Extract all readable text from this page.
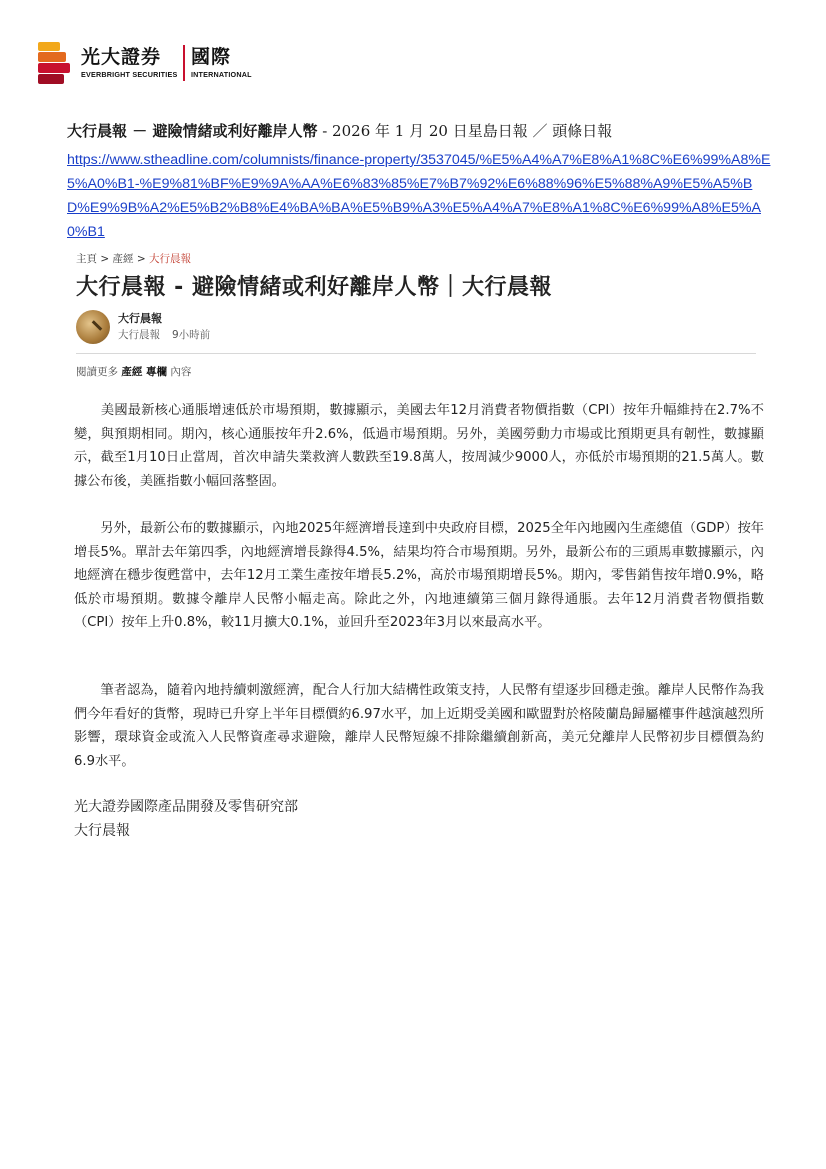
光大證券
EVERBRIGHT SECURITIES
國際
INTERNATIONAL
大行晨報 － 避險情緒或利好離岸人幣 - 2026 年 1 月 20 日星島日報 ／ 頭條日報
https://www.stheadline.com/columnists/finance-property/3537045/%E5%A4%A7%E8%A1%8C%E6%99%A8%E5%A0%B1-%E9%81%BF%E9%9A%AA%E6%83%85%E7%B7%92%E6%88%96%E5%88%A9%E5%A5%BD%E9%9B%A2%E5%B2%B8%E4%BA%BA%E5%B9%A3%E5%A4%A7%E8%A1%8C%E6%99%A8%E5%A0%B1
主頁 > 產經 > 大行晨報
大行晨報 - 避險情緒或利好離岸人幣｜大行晨報
大行晨報
大行晨報 9小時前
閱讀更多 產經 專欄 內容

　　美國最新核心通脹增速低於市場預期，數據顯示，美國去年12月消費者物價指數（CPI）按年升幅維持在2.7%不變，與預期相同。期內，核心通脹按年升2.6%，低過市場預期。另外，美國勞動力市場或比預期更具有韌性，數據顯示，截至1月10日止當周，首次申請失業救濟人數跌至19.8萬人，按周減少9000人，亦低於市場預期的21.5萬人。數據公布後，美匯指數小幅回落整固。

　　另外，最新公布的數據顯示，內地2025年經濟增長達到中央政府目標，2025全年內地國內生產總值（GDP）按年增長5%。單計去年第四季，內地經濟增長錄得4.5%，結果均符合市場預期。另外，最新公布的三頭馬車數據顯示，內地經濟在穩步復甦當中，去年12月工業生產按年增長5.2%，高於市場預期增長5%。期內，零售銷售按年增0.9%，略低於市場預期。數據令離岸人民幣小幅走高。除此之外，內地連續第三個月錄得通脹。去年12月消費者物價指數（CPI）按年上升0.8%，較11月擴大0.1%，並回升至2023年3月以來最高水平。

　　筆者認為，隨着內地持續刺激經濟，配合人行加大結構性政策支持，人民幣有望逐步回穩走強。離岸人民幣作為我們今年看好的貨幣，現時已升穿上半年目標價約6.97水平，加上近期受美國和歐盟對於格陵蘭島歸屬權事件越演越烈所影響，環球資金或流入人民幣資產尋求避險，離岸人民幣短線不排除繼續創新高，美元兌離岸人民幣初步目標價為約6.9水平。

光大證券國際產品開發及零售研究部
大行晨報
